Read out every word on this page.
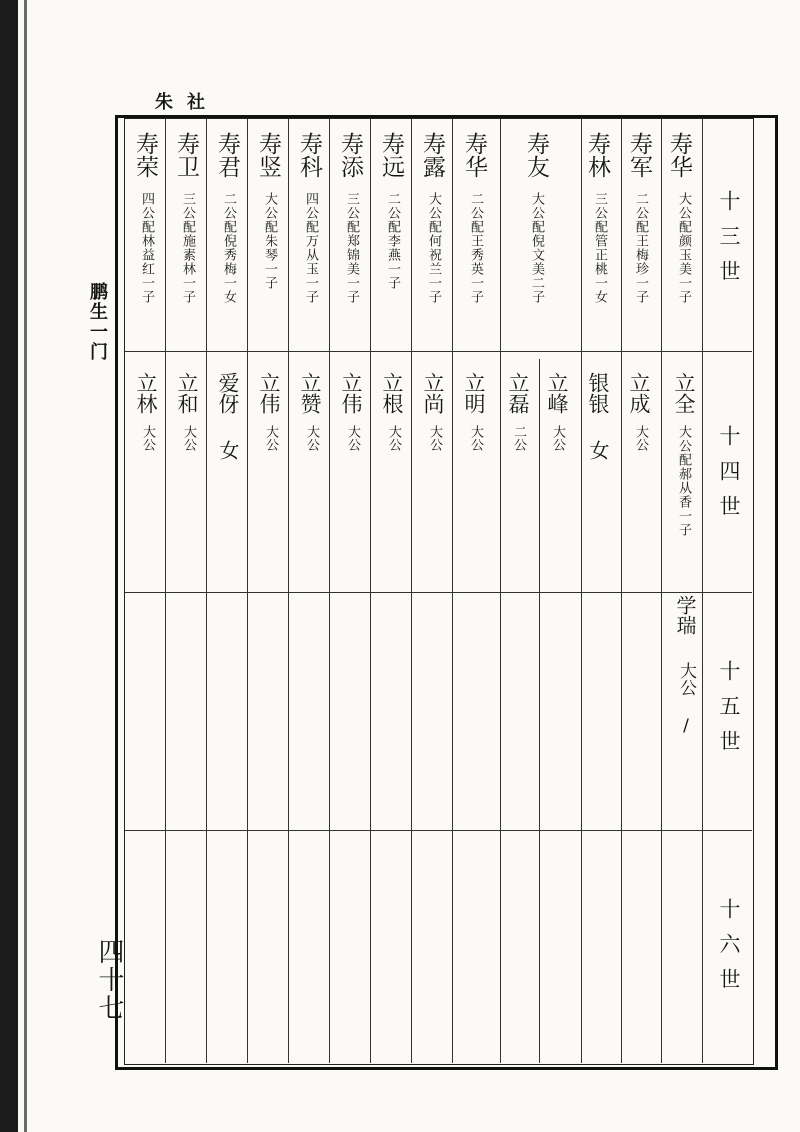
朱社
鹏生一门
四十七
十三世
十四世
十五世
十六世
寿华
大公配颜玉美一子
立全
大公配郝从香一子
学瑞
大公 /
寿军
二公配王梅珍一子
立成
大公
寿林
三公配管正桃一女
银银
女
寿友
大公配倪文美二子
立峰
大公
立磊
二公
寿华
二公配王秀英一子
立明
大公
寿露
大公配何祝兰一子
立尚
大公
寿远
二公配李燕一子
立根
大公
寿添
三公配郑锦美一子
立伟
大公
寿科
四公配万从玉一子
立赞
大公
寿竖
大公配朱琴一子
立伟
大公
寿君
二公配倪秀梅一女
爱伢
女
寿卫
三公配施素林一子
立和
大公
寿荣
四公配林益红一子
立林
大公
